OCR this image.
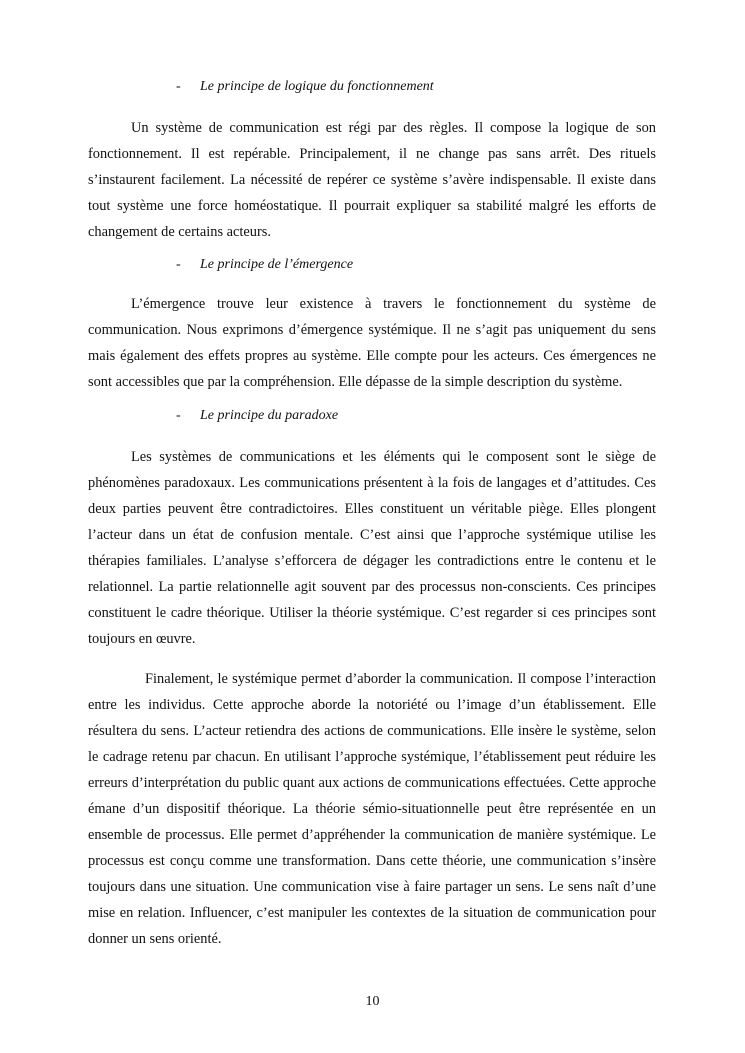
- Le principe de logique du fonctionnement

Un système de communication est régi par des règles. Il compose la logique de son fonctionnement. Il est repérable. Principalement, il ne change pas sans arrêt. Des rituels s’instaurent facilement. La nécessité de repérer ce système s’avère indispensable. Il existe dans tout système une force homéostatique. Il pourrait expliquer sa stabilité malgré les efforts de changement de certains acteurs.

- Le principe de l’émergence

L’émergence trouve leur existence à travers le fonctionnement du système de communication. Nous exprimons d’émergence systémique. Il ne s’agit pas uniquement du sens mais également des effets propres au système. Elle compte pour les acteurs. Ces émergences ne sont accessibles que par la compréhension. Elle dépasse de la simple description du système.

- Le principe du paradoxe

Les systèmes de communications et les éléments qui le composent sont le siège de phénomènes paradoxaux. Les communications présentent à la fois de langages et d’attitudes. Ces deux parties peuvent être contradictoires. Elles constituent un véritable piège. Elles plongent l’acteur dans un état de confusion mentale. C’est ainsi que l’approche systémique utilise les thérapies familiales. L’analyse s’efforcera de dégager les contradictions entre le contenu et le relationnel. La partie relationnelle agit souvent par des processus non-conscients. Ces principes constituent le cadre théorique. Utiliser la théorie systémique. C’est regarder si ces principes sont toujours en œuvre.

Finalement, le systémique permet d’aborder la communication. Il compose l’interaction entre les individus. Cette approche aborde la notoriété ou l’image d’un établissement. Elle résultera du sens. L’acteur retiendra des actions de communications. Elle insère le système, selon le cadrage retenu par chacun. En utilisant l’approche systémique, l’établissement peut réduire les erreurs d’interprétation du public quant aux actions de communications effectuées. Cette approche émane d’un dispositif théorique. La théorie sémio-situationnelle peut être représentée en un ensemble de processus. Elle permet d’appréhender la communication de manière systémique. Le processus est conçu comme une transformation. Dans cette théorie, une communication s’insère toujours dans une situation. Une communication vise à faire partager un sens. Le sens naît d’une mise en relation. Influencer, c’est manipuler les contextes de la situation de communication pour donner un sens orienté.

10
